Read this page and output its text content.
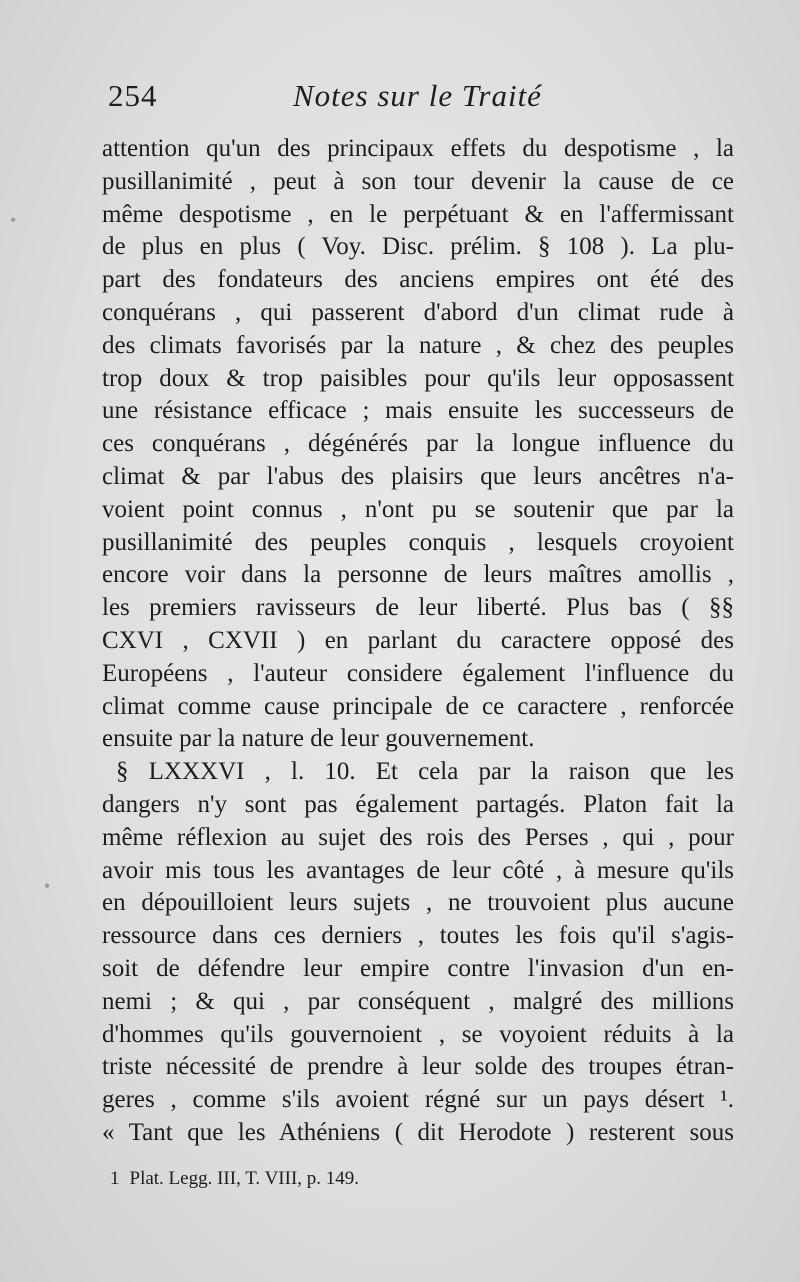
254	Notes sur le Traité
attention qu'un des principaux effets du despotisme , la
pusillanimité , peut à son tour devenir la cause de ce
même despotisme , en le perpétuant & en l'affermissant
de plus en plus ( Voy. Disc. prélim. § 108 ). La plu-
part des fondateurs des anciens empires ont été des
conquérans , qui passerent d'abord d'un climat rude à
des climats favorisés par la nature , & chez des peuples
trop doux & trop paisibles pour qu'ils leur opposassent
une résistance efficace ; mais ensuite les successeurs de
ces conquérans , dégénérés par la longue influence du
climat & par l'abus des plaisirs que leurs ancêtres n'a-
voient point connus , n'ont pu se soutenir que par la
pusillanimité des peuples conquis , lesquels croyoient
encore voir dans la personne de leurs maîtres amollis ,
les premiers ravisseurs de leur liberté. Plus bas ( §§
CXVI , CXVII ) en parlant du caractere opposé des
Européens , l'auteur considere également l'influence du
climat comme cause principale de ce caractere , renforcée
ensuite par la nature de leur gouvernement.
§ LXXXVI , l. 10. Et cela par la raison que les
dangers n'y sont pas également partagés. Platon fait la
même réflexion au sujet des rois des Perses , qui , pour
avoir mis tous les avantages de leur côté , à mesure qu'ils
en dépouilloient leurs sujets , ne trouvoient plus aucune
ressource dans ces derniers , toutes les fois qu'il s'agis-
soit de défendre leur empire contre l'invasion d'un en-
nemi ; & qui , par conséquent , malgré des millions
d'hommes qu'ils gouvernoient , se voyoient réduits à la
triste nécessité de prendre à leur solde des troupes étran-
geres , comme s'ils avoient régné sur un pays désert ¹.
« Tant que les Athéniens ( dit Herodote ) resterent sous
1 Plat. Legg. III, T. VIII, p. 149.
•
•
